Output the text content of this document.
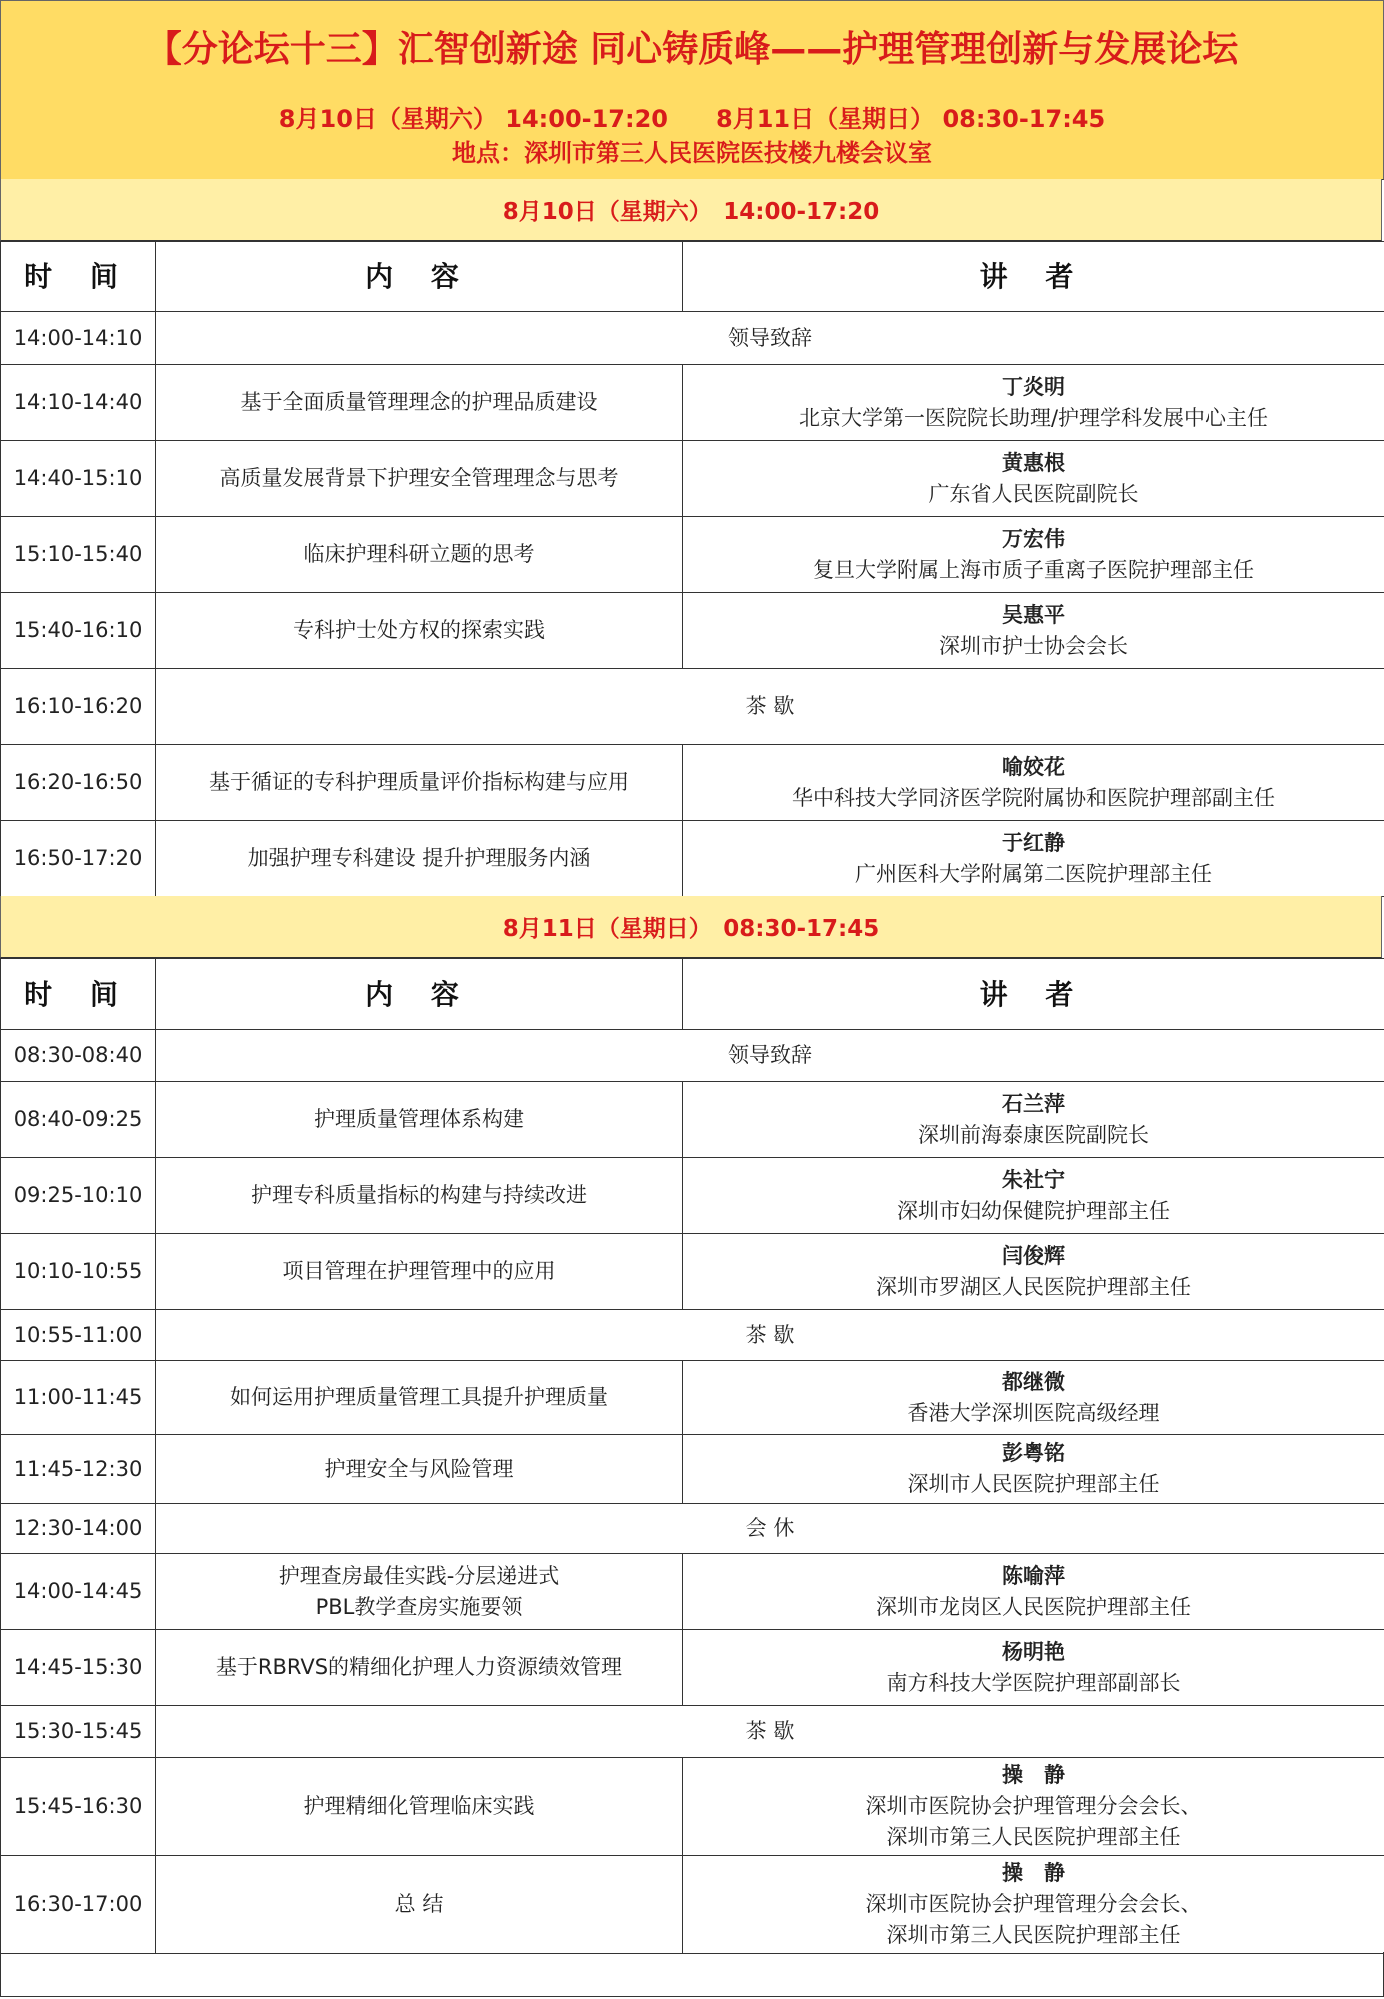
【分论坛十三】汇智创新途 同心铸质峰——护理管理创新与发展论坛
8月10日（星期六） 14:00-17:20　　8月11日（星期日） 08:30-17:45
地点：深圳市第三人民医院医技楼九楼会议室
8月10日（星期六）　14:00-17:20
时 间	内 容	讲 者
14:00-14:10	领导致辞	
14:10-14:40	基于全面质量管理理念的护理品质建设	丁炎明
北京大学第一医院院长助理/护理学科发展中心主任

14:40-15:10	高质量发展背景下护理安全管理理念与思考	黄惠根
广东省人民医院副院长

15:10-15:40	临床护理科研立题的思考	万宏伟
复旦大学附属上海市质子重离子医院护理部主任

15:40-16:10	专科护士处方权的探索实践	吴惠平
深圳市护士协会会长

16:10-16:20	茶 歇	
16:20-16:50	基于循证的专科护理质量评价指标构建与应用	喻姣花
华中科技大学同济医学院附属协和医院护理部副主任

16:50-17:20	加强护理专科建设 提升护理服务内涵	于红静
广州医科大学附属第二医院护理部主任
8月11日（星期日）　08:30-17:45
时 间	内 容	讲 者
08:30-08:40	领导致辞	
08:40-09:25	护理质量管理体系构建	石兰萍
深圳前海泰康医院副院长

09:25-10:10	护理专科质量指标的构建与持续改进	朱社宁
深圳市妇幼保健院护理部主任

10:10-10:55	项目管理在护理管理中的应用	闫俊辉
深圳市罗湖区人民医院护理部主任

10:55-11:00	茶 歇	
11:00-11:45	如何运用护理质量管理工具提升护理质量	都继微
香港大学深圳医院高级经理

11:45-12:30	护理安全与风险管理	彭粤铭
深圳市人民医院护理部主任

12:30-14:00	会 休	
14:00-14:45	护理查房最佳实践-分层递进式
PBL教学查房实施要领	陈喻萍
深圳市龙岗区人民医院护理部主任

14:45-15:30	基于RBRVS的精细化护理人力资源绩效管理	杨明艳
南方科技大学医院护理部副部长

15:30-15:45	茶 歇	
15:45-16:30	护理精细化管理临床实践	操　静
深圳市医院协会护理管理分会会长、
深圳市第三人民医院护理部主任

16:30-17:00	总 结	操　静
深圳市医院协会护理管理分会会长、
深圳市第三人民医院护理部主任
